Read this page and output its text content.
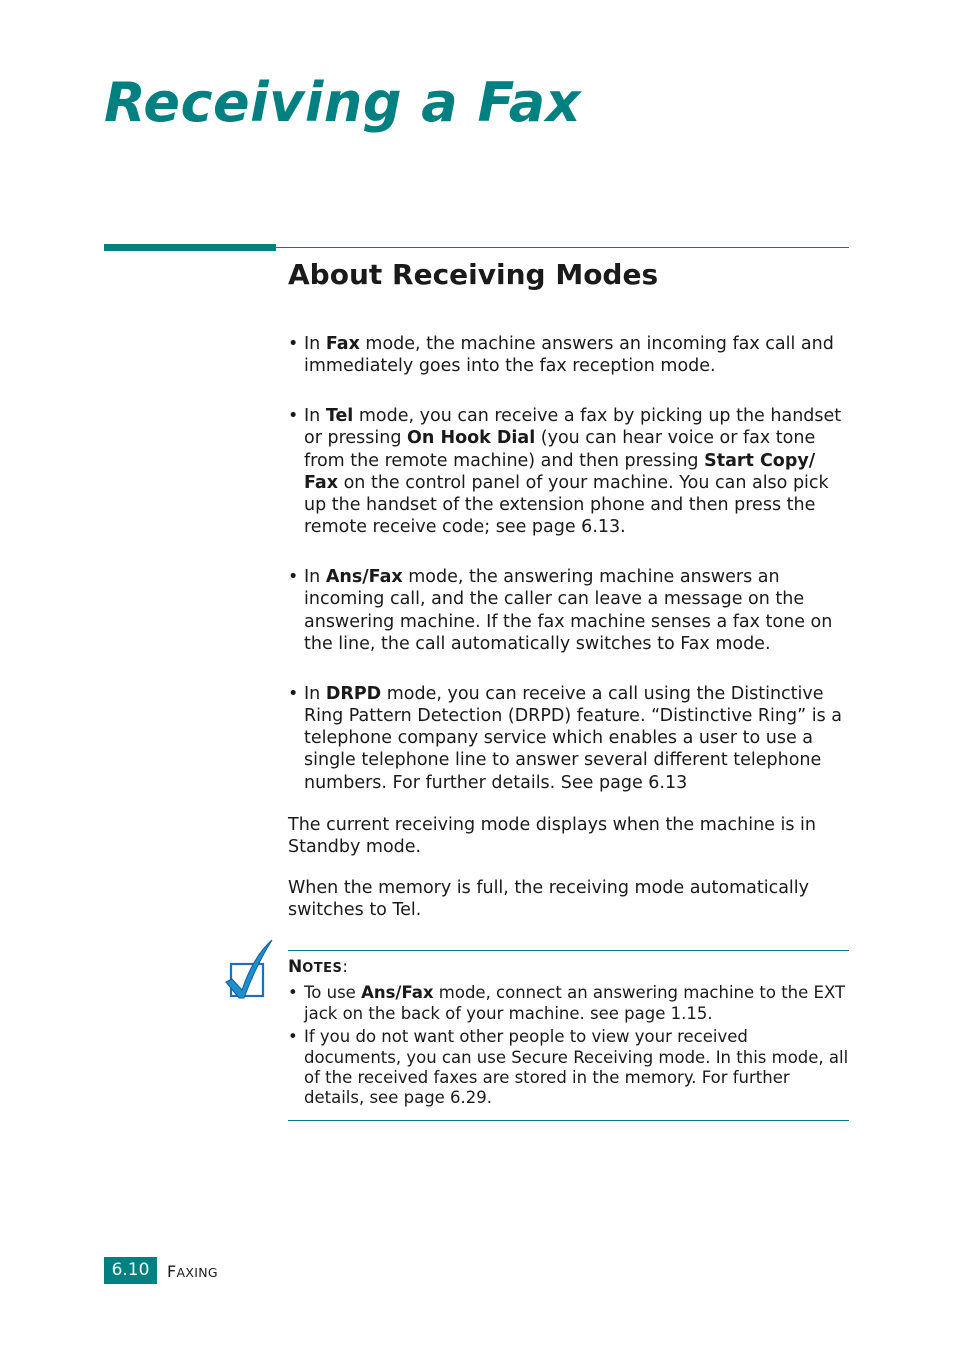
Receiving a Fax
About Receiving Modes

• In Fax mode, the machine answers an incoming fax call and immediately goes into the fax reception mode.

• In Tel mode, you can receive a fax by picking up the handset or pressing On Hook Dial (you can hear voice or fax tone from the remote machine) and then pressing Start Copy/ Fax on the control panel of your machine. You can also pick up the handset of the extension phone and then press the remote receive code; see page 6.13.

• In Ans/Fax mode, the answering machine answers an incoming call, and the caller can leave a message on the answering machine. If the fax machine senses a fax tone on the line, the call automatically switches to Fax mode.

• In DRPD mode, you can receive a call using the Distinctive Ring Pattern Detection (DRPD) feature. “Distinctive Ring” is a telephone company service which enables a user to use a single telephone line to answer several different telephone numbers. For further details. See page 6.13

The current receiving mode displays when the machine is in Standby mode.

When the memory is full, the receiving mode automatically switches to Tel.

NOTES:
• To use Ans/Fax mode, connect an answering machine to the EXT jack on the back of your machine. see page 1.15.
• If you do not want other people to view your received documents, you can use Secure Receiving mode. In this mode, all of the received faxes are stored in the memory. For further details, see page 6.29.
6.10	FAXING
